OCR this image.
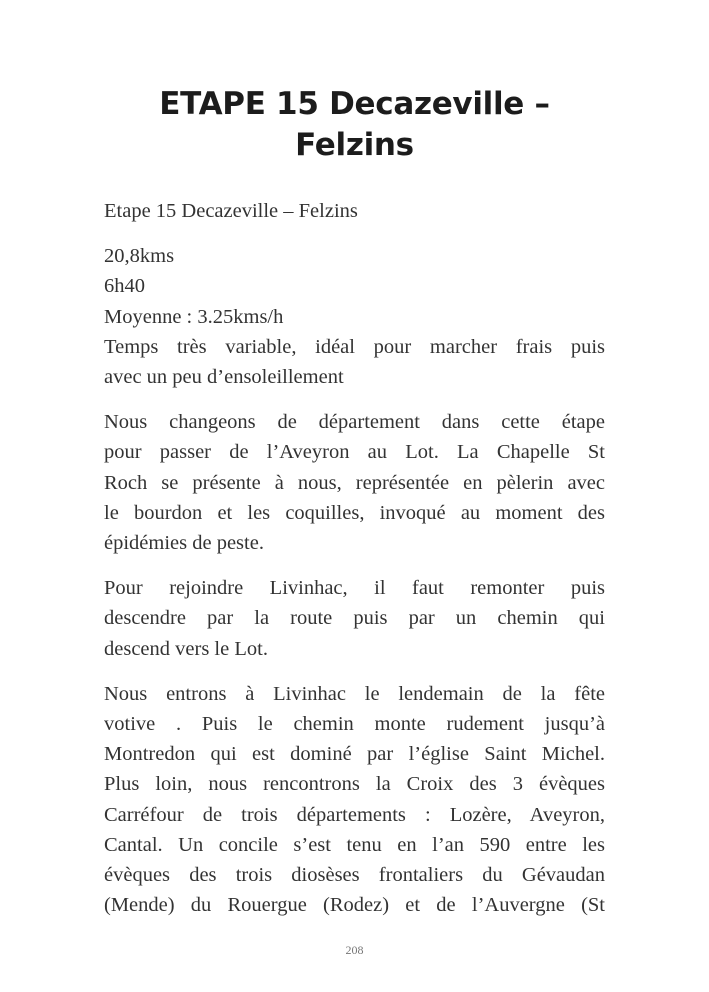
ETAPE 15 Decazeville –
Felzins

Etape 15 Decazeville – Felzins

20,8kms
6h40
Moyenne : 3.25kms/h
Temps très variable, idéal pour marcher frais puis
avec un peu d’ensoleillement

Nous changeons de département dans cette étape
pour passer de l’Aveyron au Lot. La Chapelle St
Roch se présente à nous, représentée en pèlerin avec
le bourdon et les coquilles, invoqué au moment des
épidémies de peste.

Pour rejoindre Livinhac, il faut remonter puis
descendre par la route puis par un chemin qui
descend vers le Lot.

Nous entrons à Livinhac le lendemain de la fête
votive . Puis le chemin monte rudement jusqu’à
Montredon qui est dominé par l’église Saint Michel.
Plus loin, nous rencontrons la Croix des 3 évèques
Carréfour de trois départements : Lozère, Aveyron,
Cantal. Un concile s’est tenu en l’an 590 entre les
évèques des trois diosèses frontaliers du Gévaudan
(Mende) du Rouergue (Rodez) et de l’Auvergne (St

208
